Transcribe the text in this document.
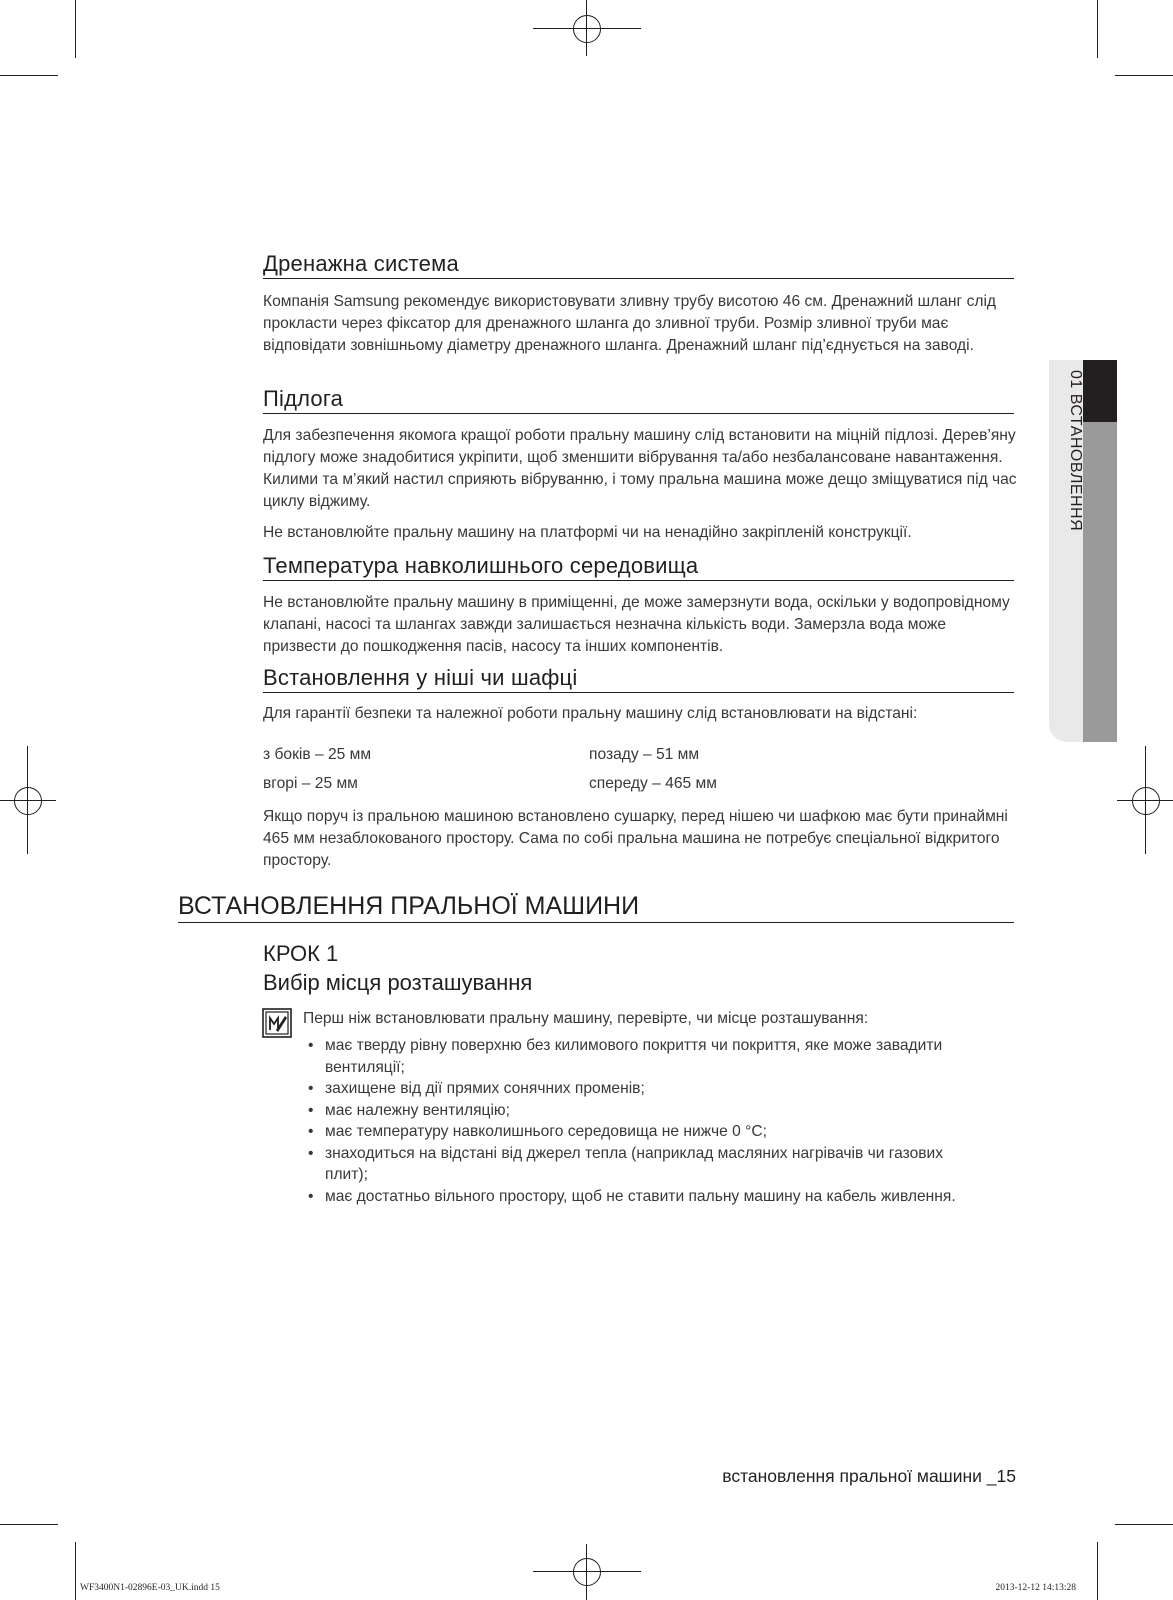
01 ВСТАНОВЛЕННЯ
Дренажна система
Компанія Samsung рекомендує використовувати зливну трубу висотою 46 см. Дренажний шланг слід прокласти через фіксатор для дренажного шланга до зливної труби. Розмір зливної труби має відповідати зовнішньому діаметру дренажного шланга. Дренажний шланг під’єднується на заводі.
Підлога
Для забезпечення якомога кращої роботи пральну машину слід встановити на міцній підлозі. Дерев’яну підлогу може знадобитися укріпити, щоб зменшити вібрування та/або незбалансоване навантаження. Килими та м’який настил сприяють вібруванню, і тому пральна машина може дещо зміщуватися під час циклу віджиму.
Не встановлюйте пральну машину на платформі чи на ненадійно закріпленій конструкції.
Температура навколишнього середовища
Не встановлюйте пральну машину в приміщенні, де може замерзнути вода, оскільки у водопровідному клапані, насосі та шлангах завжди залишається незначна кількість води. Замерзла вода може призвести до пошкодження пасів, насосу та інших компонентів.
Встановлення у ніші чи шафці
Для гарантії безпеки та належної роботи пральну машину слід встановлювати на відстані:
з боків – 25 мм	позаду – 51 мм
вгорі – 25 мм	спереду – 465 мм
Якщо поруч із пральною машиною встановлено сушарку, перед нішею чи шафкою має бути принаймні 465 мм незаблокованого простору. Сама по собі пральна машина не потребує спеціальної відкритого простору.
ВСТАНОВЛЕННЯ ПРАЛЬНОЇ МАШИНИ
КРОК 1
Вибір місця розташування
Перш ніж встановлювати пральну машину, перевірте, чи місце розташування:
• має тверду рівну поверхню без килимового покриття чи покриття, яке може завадити вентиляції;
• захищене від дії прямих сонячних променів;
• має належну вентиляцію;
• має температуру навколишнього середовища не нижче 0 °C;
• знаходиться на відстані від джерел тепла (наприклад масляних нагрівачів чи газових плит);
• має достатньо вільного простору, щоб не ставити пальну машину на кабель живлення.
встановлення пральної машини _15
WF3400N1-02896E-03_UK.indd 15	2013-12-12 14:13:28
